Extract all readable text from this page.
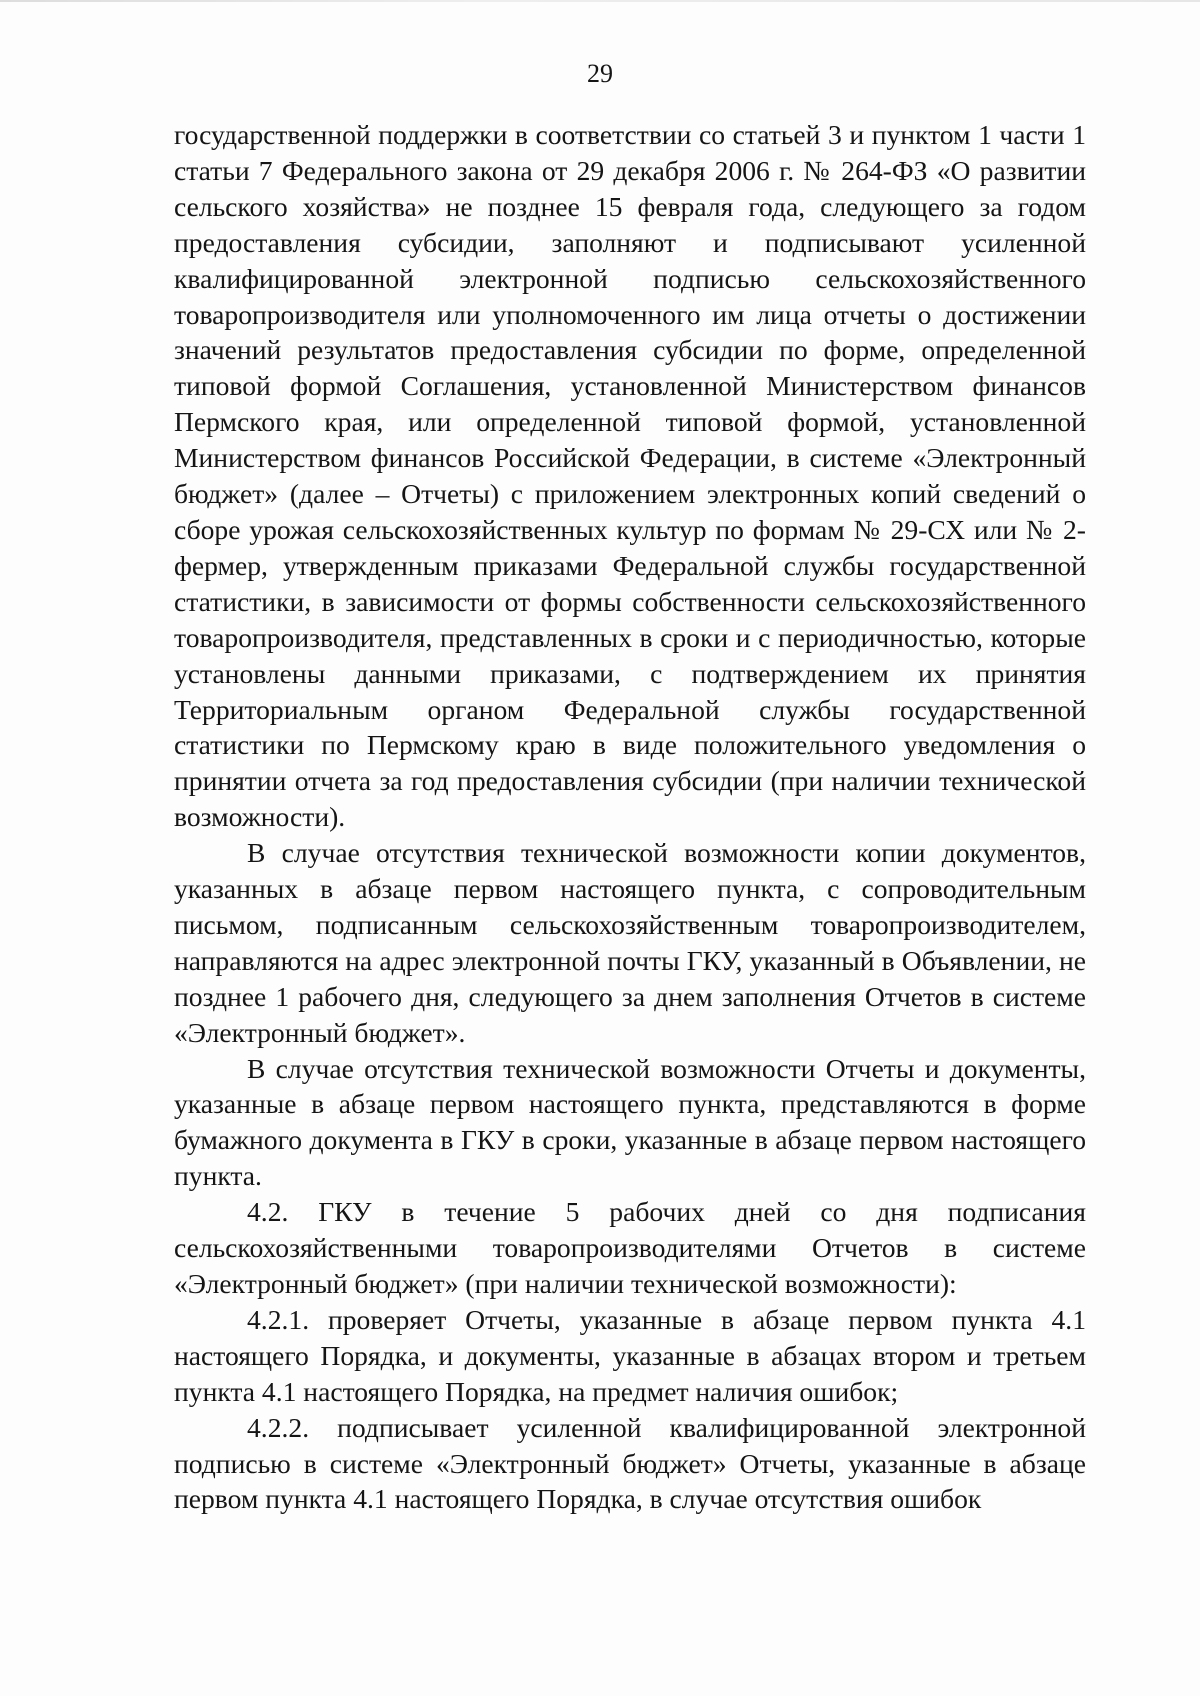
29

государственной поддержки в соответствии со статьей 3 и пунктом 1 части 1 статьи 7 Федерального закона от 29 декабря 2006 г. № 264-ФЗ «О развитии сельского хозяйства» не позднее 15 февраля года, следующего за годом предоставления субсидии, заполняют и подписывают усиленной квалифицированной электронной подписью сельскохозяйственного товаропроизводителя или уполномоченного им лица отчеты о достижении значений результатов предоставления субсидии по форме, определенной типовой формой Соглашения, установленной Министерством финансов Пермского края, или определенной типовой формой, установленной Министерством финансов Российской Федерации, в системе «Электронный бюджет» (далее – Отчеты) с приложением электронных копий сведений о сборе урожая сельскохозяйственных культур по формам № 29-СХ или № 2-фермер, утвержденным приказами Федеральной службы государственной статистики, в зависимости от формы собственности сельскохозяйственного товаропроизводителя, представленных в сроки и с периодичностью, которые установлены данными приказами, с подтверждением их принятия Территориальным органом Федеральной службы государственной статистики по Пермскому краю в виде положительного уведомления о принятии отчета за год предоставления субсидии (при наличии технической возможности).

В случае отсутствия технической возможности копии документов, указанных в абзаце первом настоящего пункта, с сопроводительным письмом, подписанным сельскохозяйственным товаропроизводителем, направляются на адрес электронной почты ГКУ, указанный в Объявлении, не позднее 1 рабочего дня, следующего за днем заполнения Отчетов в системе «Электронный бюджет».

В случае отсутствия технической возможности Отчеты и документы, указанные в абзаце первом настоящего пункта, представляются в форме бумажного документа в ГКУ в сроки, указанные в абзаце первом настоящего пункта.

4.2. ГКУ в течение 5 рабочих дней со дня подписания сельскохозяйственными товаропроизводителями Отчетов в системе «Электронный бюджет» (при наличии технической возможности):

4.2.1. проверяет Отчеты, указанные в абзаце первом пункта 4.1 настоящего Порядка, и документы, указанные в абзацах втором и третьем пункта 4.1 настоящего Порядка, на предмет наличия ошибок;

4.2.2. подписывает усиленной квалифицированной электронной подписью в системе «Электронный бюджет» Отчеты, указанные в абзаце первом пункта 4.1 настоящего Порядка, в случае отсутствия ошибок
